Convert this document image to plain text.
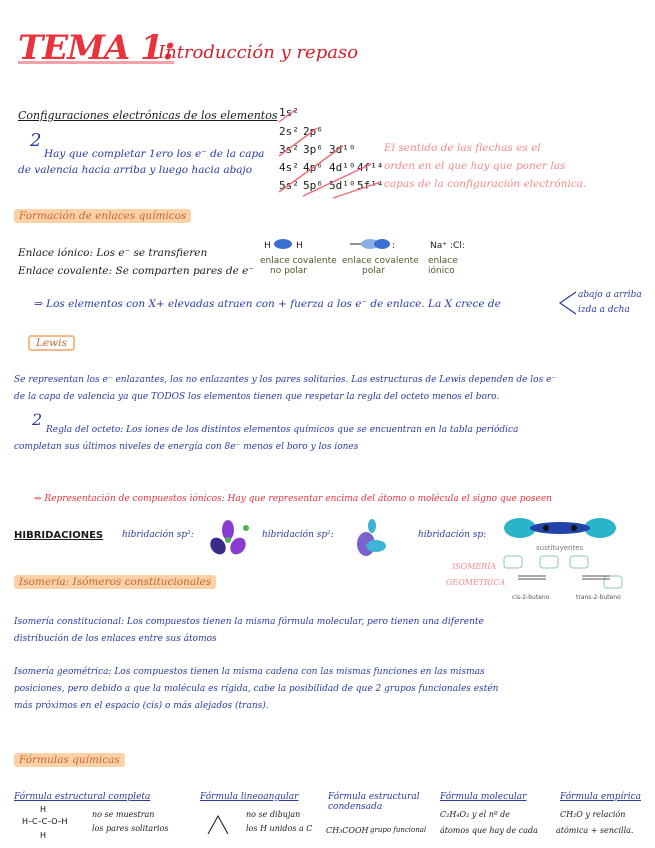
TEMA 1:
Introducción y repaso
Configuraciones electrónicas de los elementos
2
Hay que completar 1ero los e⁻ de la capa
de valencia hacia arriba y luego hacia abajo
1s²
2s² 2p⁶
3s² 3p⁶ 3d¹⁰
4s² 4p⁶ 4d¹⁰ 4f¹⁴
5s² 5p⁶ 5d¹⁰ 5f¹⁴
El sentido de las flechas es el
orden en el que hay que poner las
capas de la configuración electrónica.
Formación de enlaces químicos
Enlace iónico: Los e⁻ se transfieren
Enlace covalente: Se comparten pares de e⁻
H	H	:	Na⁺ :Cl:
enlace covalente
no polar
enlace covalente
polar
enlace iónico
⇒ Los elementos con X+ elevadas atraen con + fuerza a los e⁻ de enlace. La X crece de
abajo a arriba
izda a dcha
Lewis
Se representan los e⁻ enlazantes, los no enlazantes y los pares solitarios. Las estructuras de Lewis dependen de los e⁻
de la capa de valencia ya que TODOS los elementos tienen que respetar la regla del octeto menos el boro.
2
Regla del octeto: Los iones de los distintos elementos químicos que se encuentran en la tabla periódica
completan sus últimos niveles de energía con 8e⁻ menos el boro y los iones
⇒ Representación de compuestos iónicos: Hay que representar encima del átomo o molécula el signo que poseen
HIBRIDACIONES hibridación sp³:	hibridación sp²:	hibridación sp:
sustituyentes
cis-2-buteno	trans-2-buteno
ISOMERÍA
GEOMÉTRICA
Isomería: Isómeros constitucionales
Isomería constitucional: Los compuestos tienen la misma fórmula molecular, pero tienen una diferente
distribución de los enlaces entre sus átomos
Isomería geométrica: Los compuestos tienen la misma cadena con las mismas funciones en las mismas
posiciones, pero debido a que la molécula es rígida, cabe la posibilidad de que 2 grupos funcionales estén
más próximos en el espacio (cis) o más alejados (trans).
Fórmulas químicas
Fórmula estructural completa
H
H–C–C–O–H
H
no se muestran
los pares solitarios
Fórmula lineoangular
no se dibujan
los H unidos a C
Fórmula estructural condensada
CH₃COOH grupo funcional
Fórmula molecular
C₂H₄O₂ y el nº de
átomos que hay de cada
Fórmula empírica
CH₂O y relación
atómica + sencilla.
